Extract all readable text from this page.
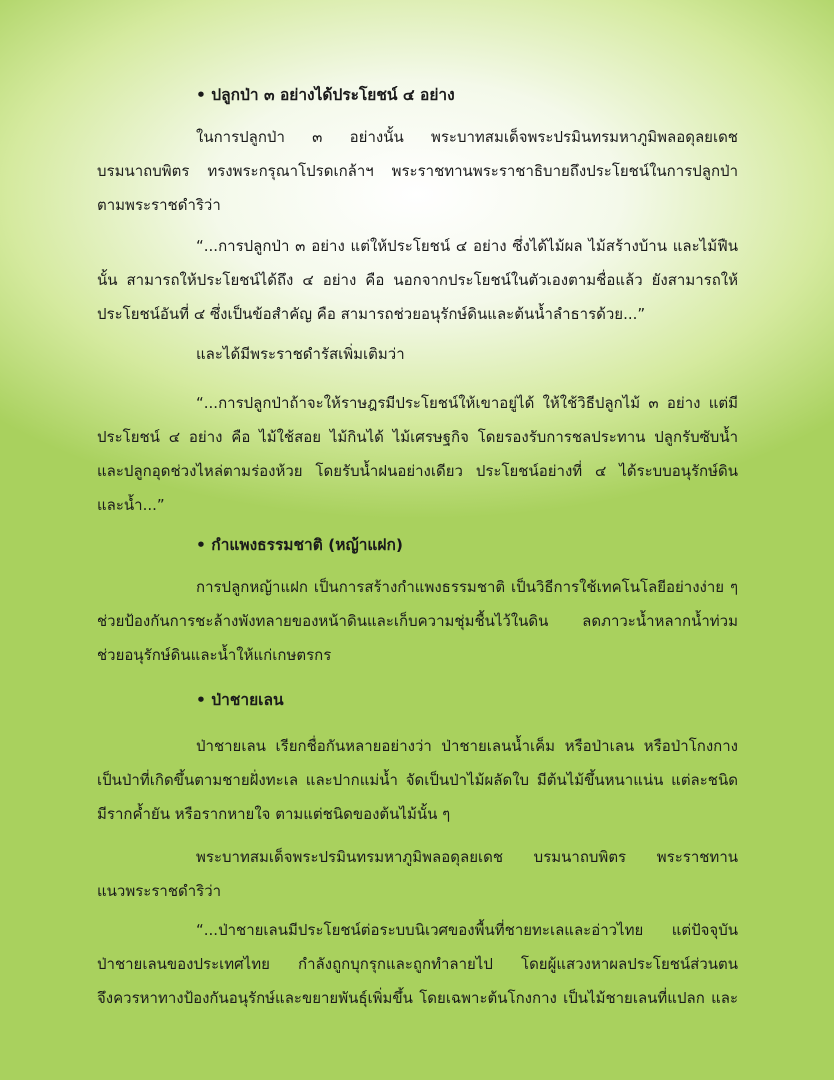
• ปลูกป่า ๓ อย่างได้ประโยชน์ ๔ อย่าง
ในการปลูกป่า ๓ อย่างนั้น พระบาทสมเด็จพระปรมินทรมหาภูมิพลอดุลยเดช
บรมนาถบพิตร ทรงพระกรุณาโปรดเกล้าฯ พระราชทานพระราชาธิบายถึงประโยชน์ในการปลูกป่า
ตามพระราชดำริว่า
“...การปลูกป่า ๓ อย่าง แต่ให้ประโยชน์ ๔ อย่าง ซึ่งได้ไม้ผล ไม้สร้างบ้าน และไม้ฟืน
นั้น สามารถให้ประโยชน์ได้ถึง ๔ อย่าง คือ นอกจากประโยชน์ในตัวเองตามชื่อแล้ว ยังสามารถให้
ประโยชน์อันที่ ๔ ซึ่งเป็นข้อสำคัญ คือ สามารถช่วยอนุรักษ์ดินและต้นน้ำลำธารด้วย...”
และได้มีพระราชดำรัสเพิ่มเติมว่า
“...การปลูกป่าถ้าจะให้ราษฎรมีประโยชน์ให้เขาอยู่ได้ ให้ใช้วิธีปลูกไม้ ๓ อย่าง แต่มี
ประโยชน์ ๔ อย่าง คือ ไม้ใช้สอย ไม้กินได้ ไม้เศรษฐกิจ โดยรองรับการชลประทาน ปลูกรับซับน้ำ
และปลูกอุดช่วงไหล่ตามร่องห้วย โดยรับน้ำฝนอย่างเดียว ประโยชน์อย่างที่ ๔ ได้ระบบอนุรักษ์ดิน
และน้ำ...”
• กำแพงธรรมชาติ (หญ้าแฝก)
การปลูกหญ้าแฝก เป็นการสร้างกำแพงธรรมชาติ เป็นวิธีการใช้เทคโนโลยีอย่างง่าย ๆ
ช่วยป้องกันการชะล้างพังทลายของหน้าดินและเก็บความชุ่มชื้นไว้ในดิน ลดภาวะน้ำหลากน้ำท่วม
ช่วยอนุรักษ์ดินและน้ำให้แก่เกษตรกร
• ป่าชายเลน
ป่าชายเลน เรียกชื่อกันหลายอย่างว่า ป่าชายเลนน้ำเค็ม หรือป่าเลน หรือป่าโกงกาง
เป็นป่าที่เกิดขึ้นตามชายฝั่งทะเล และปากแม่น้ำ จัดเป็นป่าไม้ผลัดใบ มีต้นไม้ขึ้นหนาแน่น แต่ละชนิด
มีรากค้ำยัน หรือรากหายใจ ตามแต่ชนิดของต้นไม้นั้น ๆ
พระบาทสมเด็จพระปรมินทรมหาภูมิพลอดุลยเดช บรมนาถบพิตร พระราชทาน
แนวพระราชดำริว่า
“...ป่าชายเลนมีประโยชน์ต่อระบบนิเวศของพื้นที่ชายทะเลและอ่าวไทย แต่ปัจจุบัน
ป่าชายเลนของประเทศไทย กำลังถูกบุกรุกและถูกทำลายไป โดยผู้แสวงหาผลประโยชน์ส่วนตน
จึงควรหาทางป้องกันอนุรักษ์และขยายพันธุ์เพิ่มขึ้น โดยเฉพาะต้นโกงกาง เป็นไม้ชายเลนที่แปลก และ
